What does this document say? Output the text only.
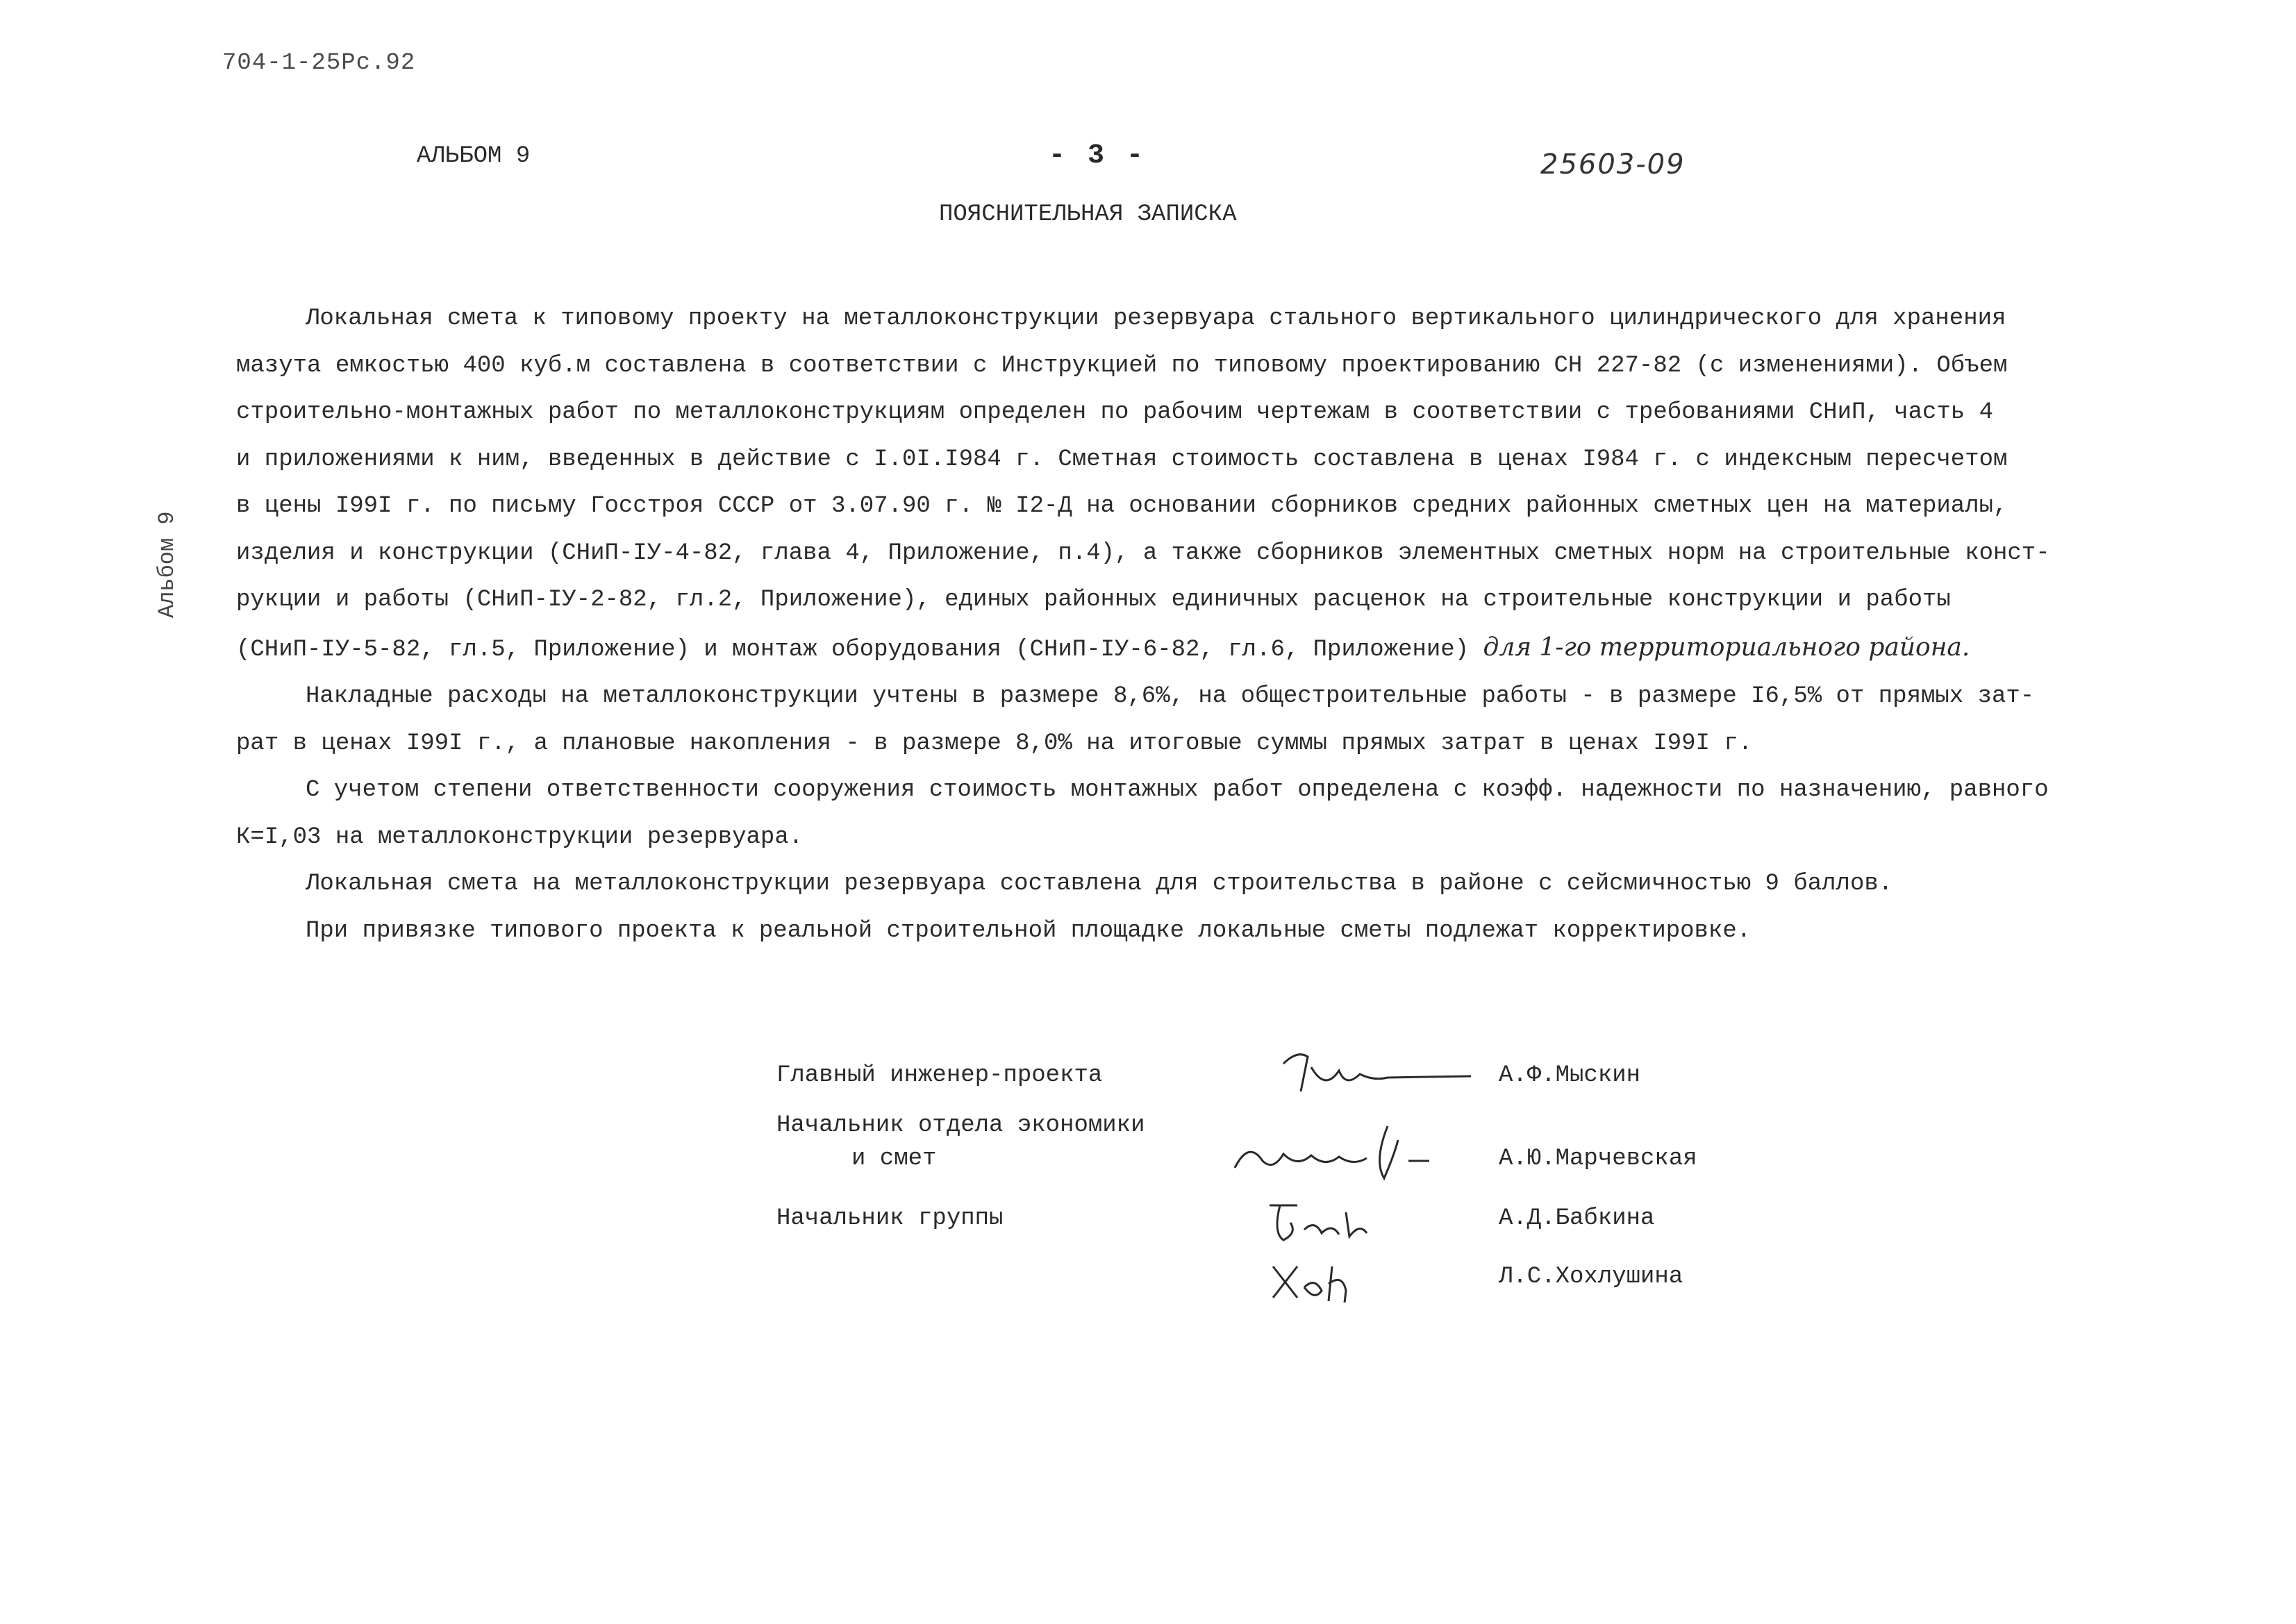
704-1-25Рс.92
АЛЬБОМ 9	- 3 -	25603-09
ПОЯСНИТЕЛЬНАЯ ЗАПИСКА
Альбом 9
Локальная смета к типовому проекту на металлоконструкции резервуара стального вертикального цилиндрического для хранения
мазута емкостью 400 куб.м составлена в соответствии с Инструкцией по типовому проектированию СН 227-82 (с изменениями). Объем
строительно-монтажных работ по металлоконструкциям определен по рабочим чертежам в соответствии с требованиями СНиП, часть 4
и приложениями к ним, введенных в действие с I.0I.I984 г. Сметная стоимость составлена в ценах I984 г. с индексным пересчетом
в цены I99I г. по письму Госстроя СССР от 3.07.90 г. № I2-Д на основании сборников средних районных сметных цен на материалы,
изделия и конструкции (СНиП-IУ-4-82, глава 4, Приложение, п.4), а также сборников элементных сметных норм на строительные конст-
рукции и работы (СНиП-IУ-2-82, гл.2, Приложение), единых районных единичных расценок на строительные конструкции и работы
(СНиП-IУ-5-82, гл.5, Приложение) и монтаж оборудования (СНиП-IУ-6-82, гл.6, Приложение) для 1-го территориального района.
Накладные расходы на металлоконструкции учтены в размере 8,6%, на общестроительные работы - в размере I6,5% от прямых зат-
рат в ценах I99I г., а плановые накопления - в размере 8,0% на итоговые суммы прямых затрат в ценах I99I г.
С учетом степени ответственности сооружения стоимость монтажных работ определена с коэфф. надежности по назначению, равного
К=I,03 на металлоконструкции резервуара.
Локальная смета на металлоконструкции резервуара составлена для строительства в районе с сейсмичностью 9 баллов.
При привязке типового проекта к реальной строительной площадке локальные сметы подлежат корректировке.
Главный инженер-проекта	А.Ф.Мыскин
Начальник отдела экономики
и смет	А.Ю.Марчевская
Начальник группы	А.Д.Бабкина
Л.С.Хохлушина
